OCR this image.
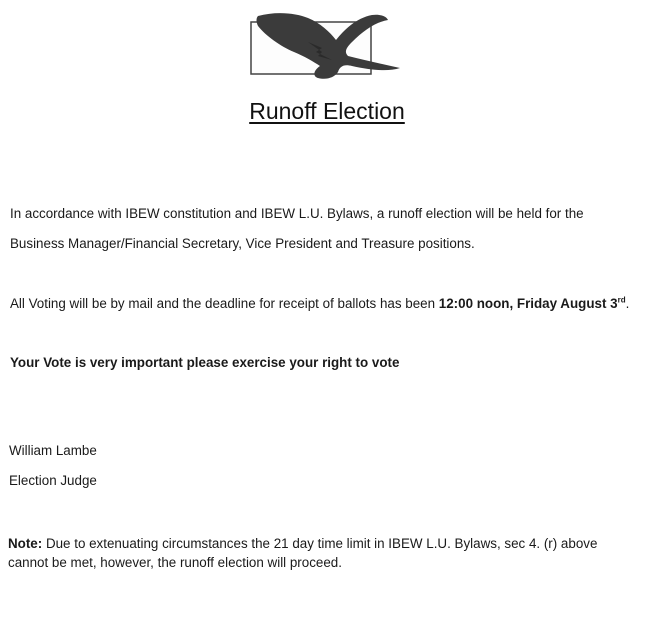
Runoff Election
In accordance with IBEW constitution and IBEW L.U. Bylaws, a runoff election will be held for the
Business Manager/Financial Secretary, Vice President and Treasure positions.
All Voting will be by mail and the deadline for receipt of ballots has been 12:00 noon, Friday August 3rd.
Your Vote is very important please exercise your right to vote
William Lambe
Election Judge
Note: Due to extenuating circumstances the 21 day time limit in IBEW L.U. Bylaws, sec 4. (r) above cannot be met, however, the runoff election will proceed.
